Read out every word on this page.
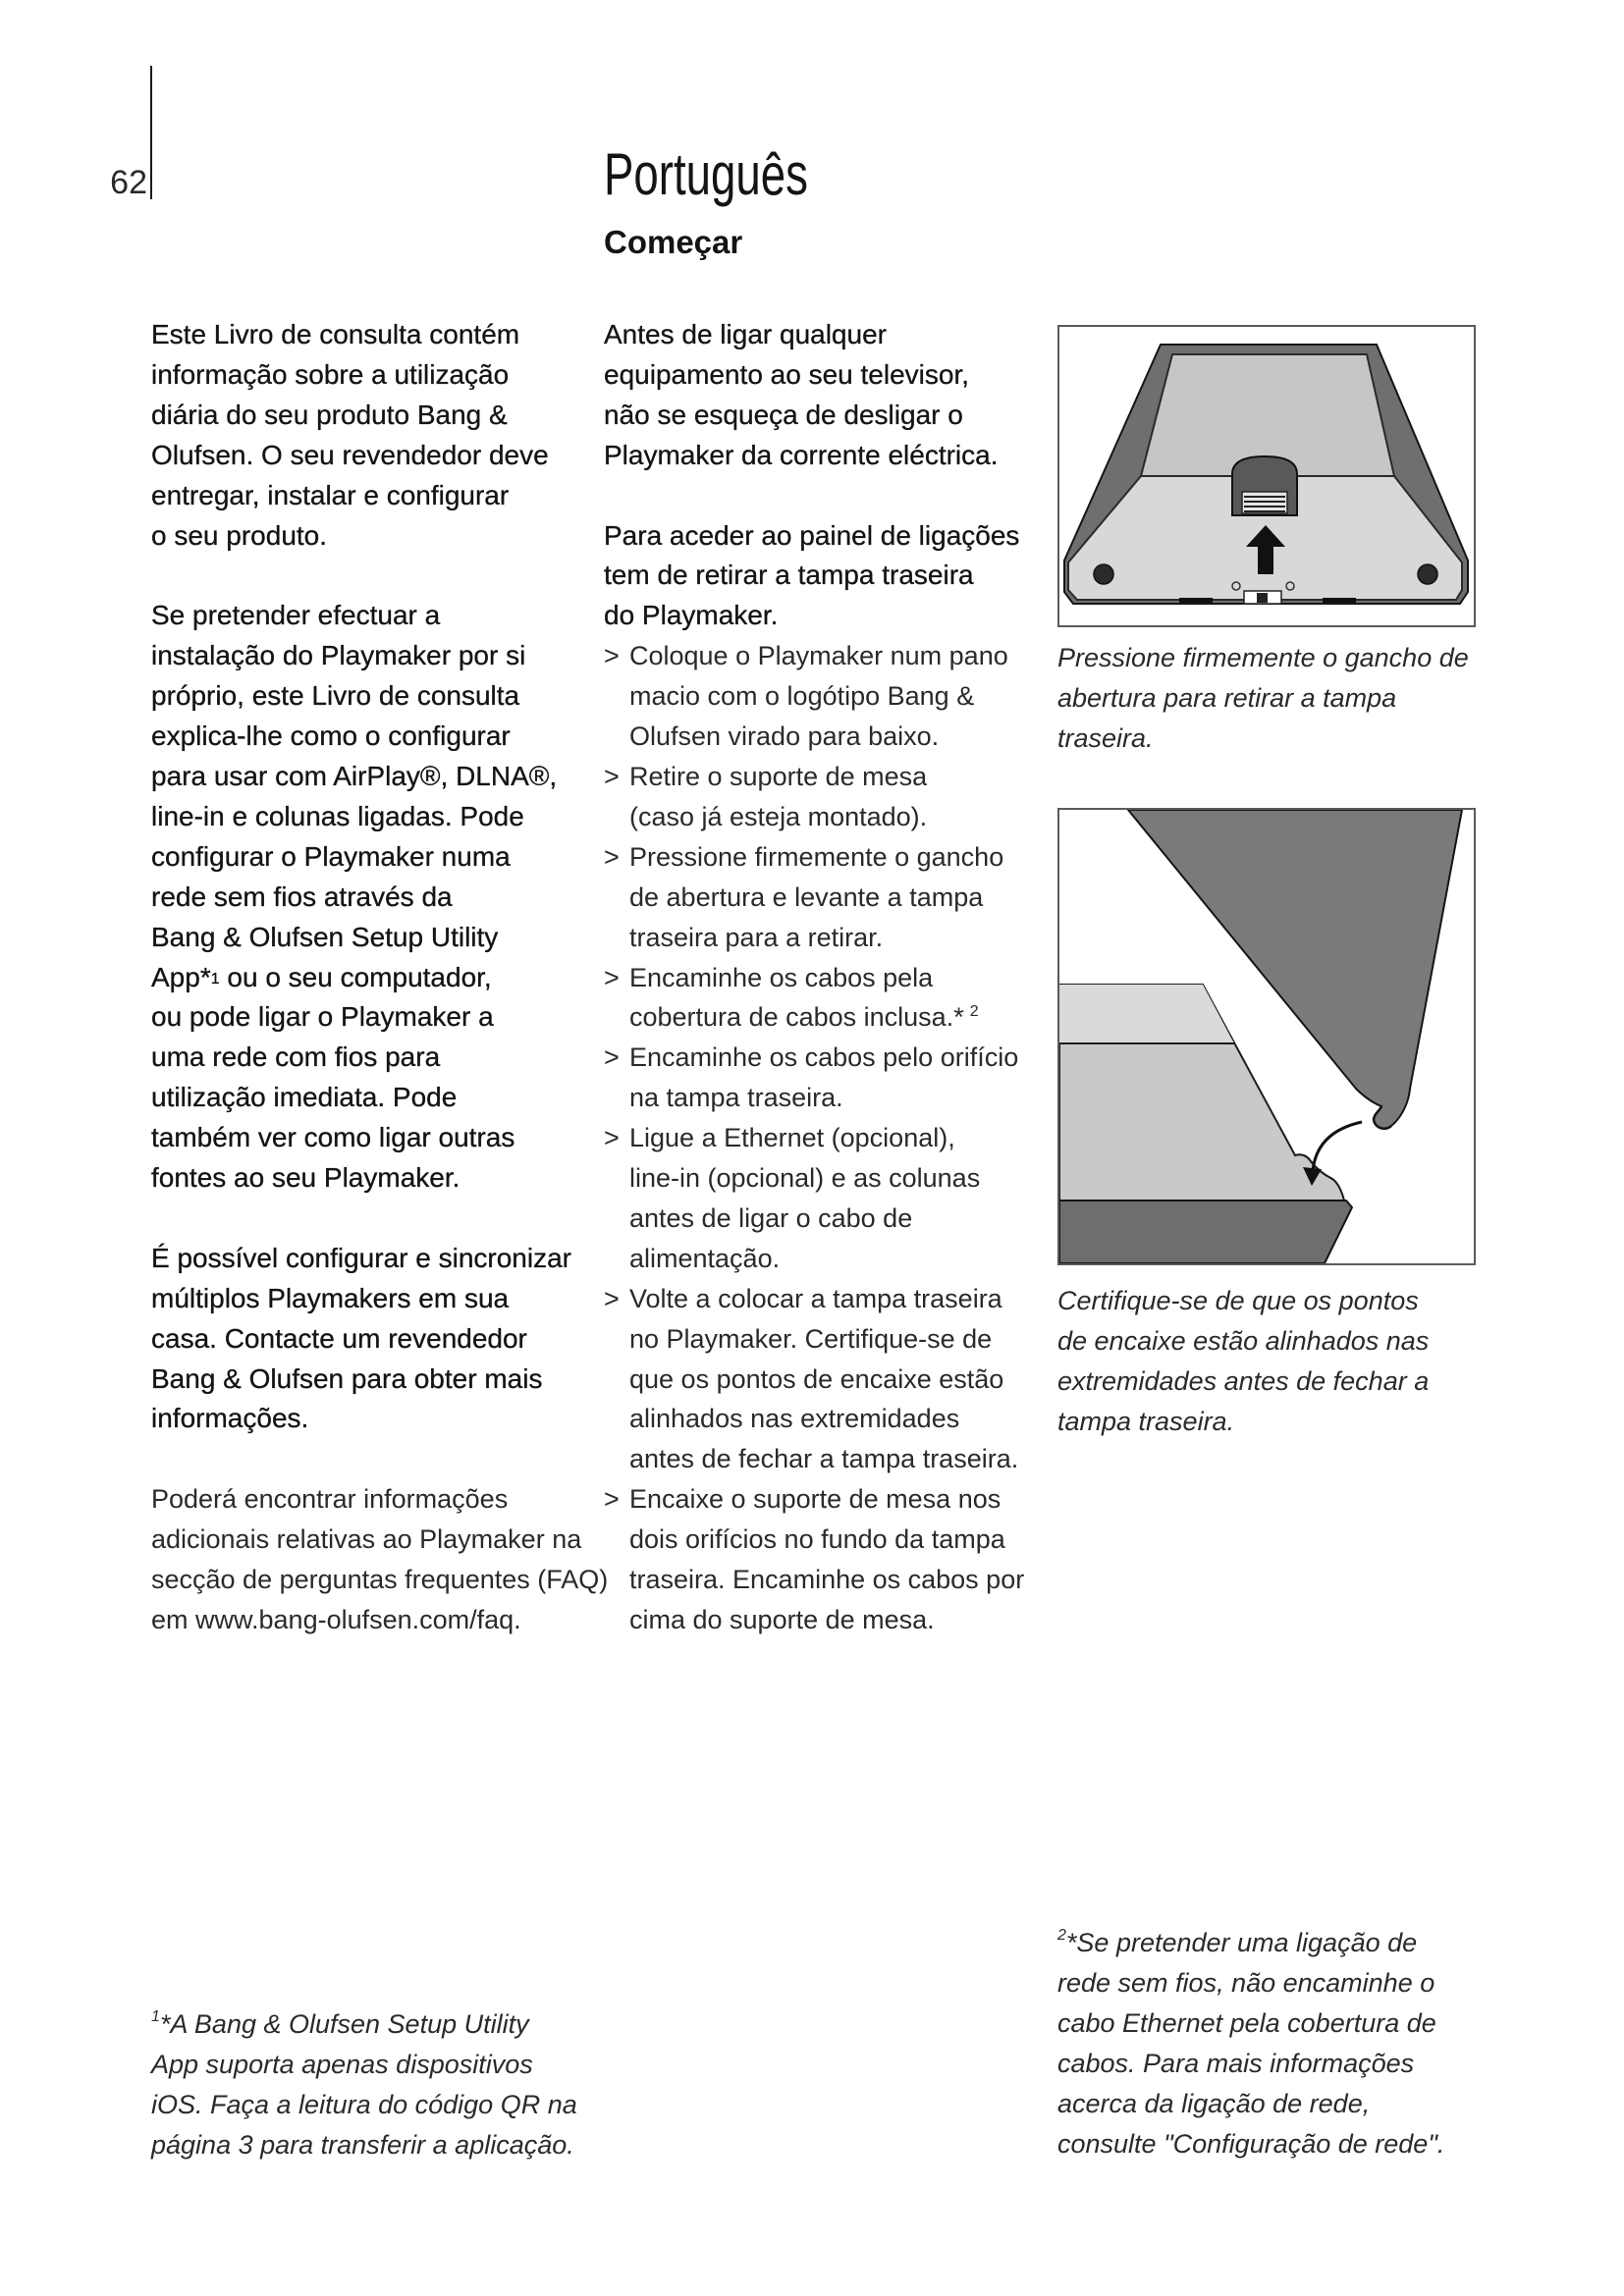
62	Português
Começar
Este Livro de consulta contém
informação sobre a utilização
diária do seu produto Bang &
Olufsen. O seu revendedor deve
entregar, instalar e configurar
o seu produto.
Se pretender efectuar a
instalação do Playmaker por si
próprio, este Livro de consulta
explica-lhe como o configurar
para usar com AirPlay®, DLNA®,
line-in e colunas ligadas. Pode
configurar o Playmaker numa
rede sem fios através da
Bang & Olufsen Setup Utility
App*1 ou o seu computador,
ou pode ligar o Playmaker a
uma rede com fios para
utilização imediata. Pode
também ver como ligar outras
fontes ao seu Playmaker.
É possível configurar e sincronizar
múltiplos Playmakers em sua
casa. Contacte um revendedor
Bang & Olufsen para obter mais
informações.
Poderá encontrar informações
adicionais relativas ao Playmaker na
secção de perguntas frequentes (FAQ)
em www.bang-olufsen.com/faq.
Antes de ligar qualquer
equipamento ao seu televisor,
não se esqueça de desligar o
Playmaker da corrente eléctrica.
Para aceder ao painel de ligações
tem de retirar a tampa traseira
do Playmaker.
> Coloque o Playmaker num pano
macio com o logótipo Bang &
Olufsen virado para baixo.
> Retire o suporte de mesa
(caso já esteja montado).
> Pressione firmemente o gancho
de abertura e levante a tampa
traseira para a retirar.
> Encaminhe os cabos pela
cobertura de cabos inclusa.* $^2$
> Encaminhe os cabos pelo orifício
na tampa traseira.
> Ligue a Ethernet (opcional),
line-in (opcional) e as colunas
antes de ligar o cabo de
alimentação.
> Volte a colocar a tampa traseira
no Playmaker. Certifique-se de
que os pontos de encaixe estão
alinhados nas extremidades
antes de fechar a tampa traseira.
> Encaixe o suporte de mesa nos
dois orifícios no fundo da tampa
traseira. Encaminhe os cabos por
cima do suporte de mesa.
Pressione firmemente o gancho de
abertura para retirar a tampa
traseira.
Certifique-se de que os pontos
de encaixe estão alinhados nas
extremidades antes de fechar a
tampa traseira.
$^1$*A Bang & Olufsen Setup Utility
App suporta apenas dispositivos
iOS. Faça a leitura do código QR na
página 3 para transferir a aplicação.
$^2$*Se pretender uma ligação de
rede sem fios, não encaminhe o
cabo Ethernet pela cobertura de
cabos. Para mais informações
acerca da ligação de rede,
consulte "Configuração de rede".
